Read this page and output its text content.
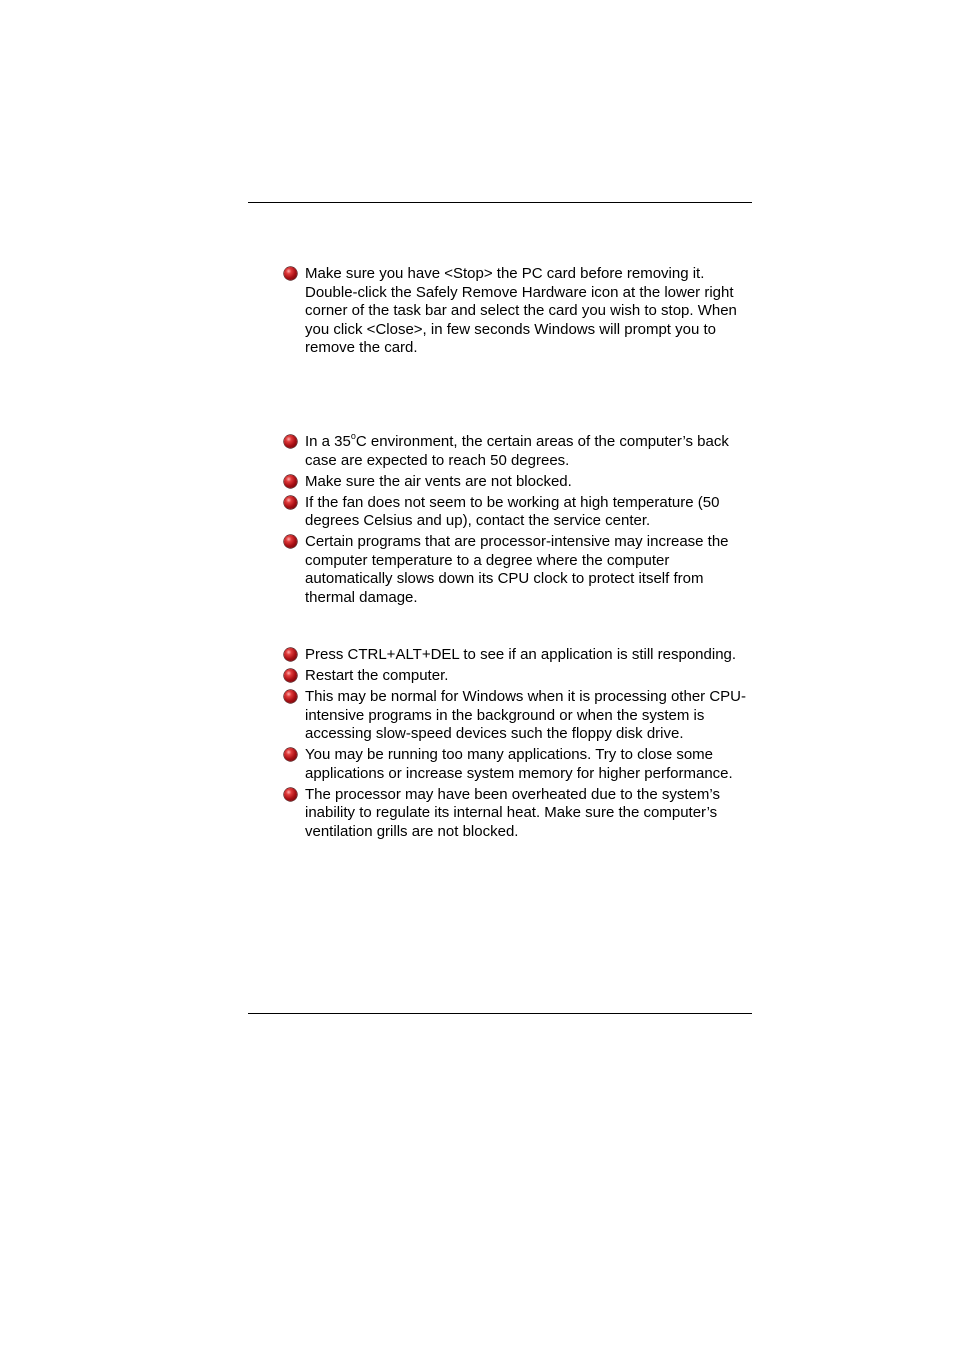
Make sure you have <Stop> the PC card before removing it. Double-click the Safely Remove Hardware icon at the lower right corner of the task bar and select the card you wish to stop. When you click <Close>, in few seconds Windows will prompt you to remove the card.
In a 35$^o$C environment, the certain areas of the computer’s back case are expected to reach 50 degrees.
Make sure the air vents are not blocked.
If the fan does not seem to be working at high temperature (50 degrees Celsius and up), contact the service center.
Certain programs that are processor-intensive may increase the computer temperature to a degree where the computer automatically slows down its CPU clock to protect itself from thermal damage.
Press CTRL+ALT+DEL to see if an application is still responding.
Restart the computer.
This may be normal for Windows when it is processing other CPU-intensive programs in the background or when the system is accessing slow-speed devices such the floppy disk drive.
You may be running too many applications. Try to close some applications or increase system memory for higher performance.
The processor may have been overheated due to the system’s inability to regulate its internal heat. Make sure the computer’s ventilation grills are not blocked.
